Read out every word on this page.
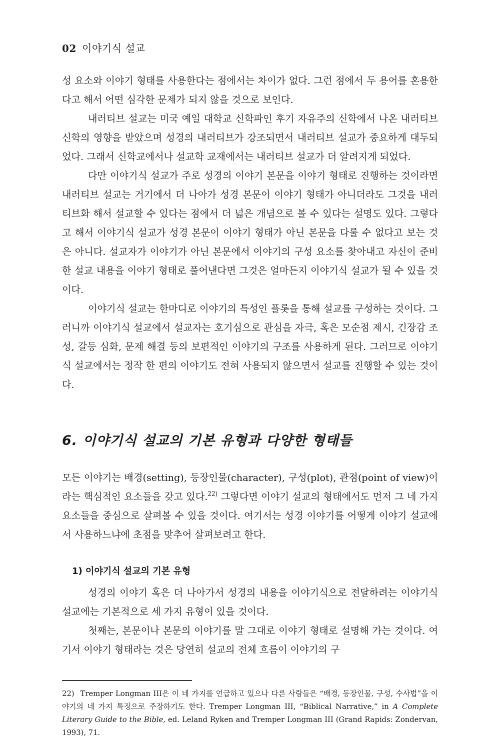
02 이야기식 설교

성 요소와 이야기 형태를 사용한다는 점에서는 차이가 없다. 그런 점에서 두 용어를 혼용한다고 해서 어떤 심각한 문제가 되지 않을 것으로 보인다.

내러티브 설교는 미국 예일 대학교 신학파인 후기 자유주의 신학에서 나온 내러티브 신학의 영향을 받았으며 성경의 내러티브가 강조되면서 내러티브 설교가 중요하게 대두되었다. 그래서 신학교에서나 설교학 교재에서는 내러티브 설교가 더 알려지게 되었다.

다만 이야기식 설교가 주로 성경의 이야기 본문을 이야기 형태로 진행하는 것이라면 내러티브 설교는 거기에서 더 나아가 성경 본문이 이야기 형태가 아니더라도 그것을 내러티브화 해서 설교할 수 있다는 점에서 더 넓은 개념으로 볼 수 있다는 설명도 있다. 그렇다고 해서 이야기식 설교가 성경 본문이 이야기 형태가 아닌 본문을 다룰 수 없다고 보는 것은 아니다. 설교자가 이야기가 아닌 본문에서 이야기의 구성 요소를 찾아내고 자신이 준비한 설교 내용을 이야기 형태로 풀어낸다면 그것은 얼마든지 이야기식 설교가 될 수 있을 것이다.

이야기식 설교는 한마디로 이야기의 특성인 플롯을 통해 설교를 구성하는 것이다. 그러니까 이야기식 설교에서 설교자는 호기심으로 관심을 자극, 혹은 모순점 제시, 긴장감 조성, 갈등 심화, 문제 해결 등의 보편적인 이야기의 구조를 사용하게 된다. 그러므로 이야기식 설교에서는 정작 한 편의 이야기도 전혀 사용되지 않으면서 설교를 진행할 수 있는 것이다.

6. 이야기식 설교의 기본 유형과 다양한 형태들

모든 이야기는 배경(setting), 등장인물(character), 구성(plot), 관점(point of view)이라는 핵심적인 요소들을 갖고 있다.$^{22)}$ 그렇다면 이야기 설교의 형태에서도 먼저 그 네 가지 요소들을 중심으로 살펴볼 수 있을 것이다. 여기서는 성경 이야기를 어떻게 이야기 설교에서 사용하느냐에 초점을 맞추어 살펴보려고 한다.

1) 이야기식 설교의 기본 유형

성경의 이야기 혹은 더 나아가서 성경의 내용을 이야기식으로 전달하려는 이야기식 설교에는 기본적으로 세 가지 유형이 있을 것이다.

첫째는, 본문이나 본문의 이야기를 말 그대로 이야기 형태로 설명해 가는 것이다. 여기서 이야기 형태라는 것은 당연히 설교의 전체 흐름이 이야기의 구

22) Tremper Longman III은 이 네 가지를 언급하고 있으나 다른 사람들은 “배경, 등장인물, 구성, 수사법”을 이야기의 네 가지 특징으로 주장하기도 한다. Tremper Longman III, “Biblical Narrative,” in A Complete Literary Guide to the Bible, ed. Leland Ryken and Tremper Longman III (Grand Rapids: Zondervan, 1993), 71.
